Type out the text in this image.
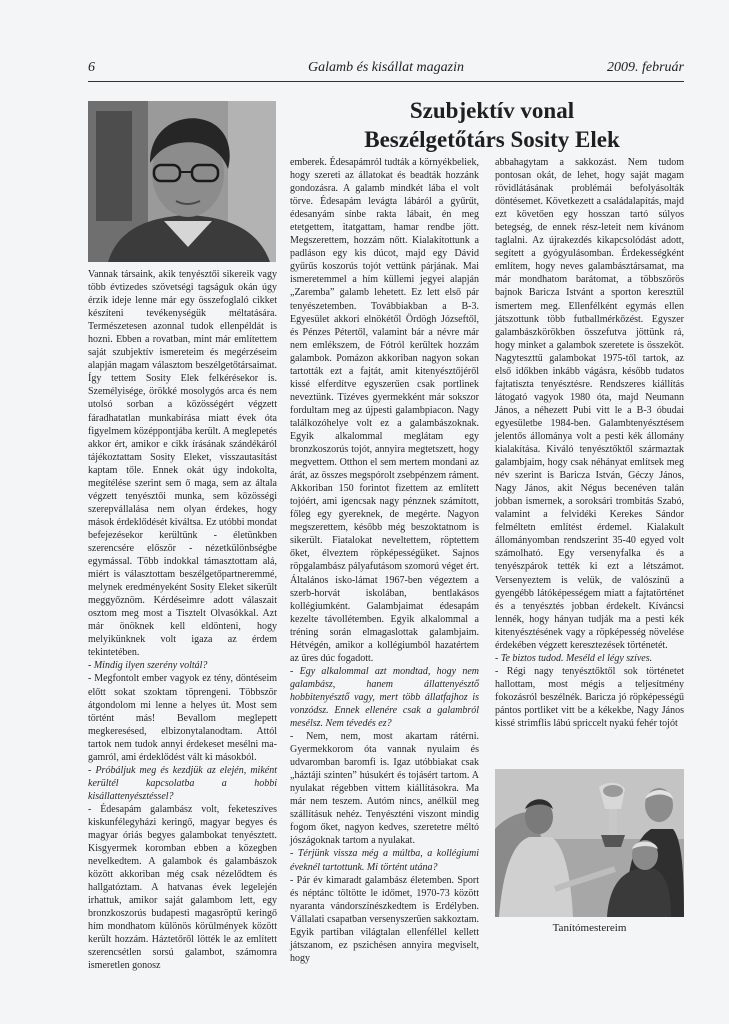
6	Galamb és kisállat magazin	2009. február
Szubjektív vonal
Beszélgetőtárs Sosity Elek

Vannak társaink, akik tenyésztői sikereik vagy több évtizedes szövetségi tagságuk okán úgy érzik ideje lenne már egy összefoglaló cikket készíteni tevékenységük méltatására. Természetesen azonnal tudok ellenpéldát is hozni. Ebben a rovatban, mint már említettem saját szubjektív ismereteim és megérzéseim alapján magam választom beszélgetőtársaimat. Így tettem Sosity Elek felkérésekor is. Személyisége, örökké mosolygós arca és nem utolsó sorban a közösségért végzett fáradhatatlan munkabírása miatt évek óta figyelmem középpontjába került. A meglepetés akkor ért, amikor e cikk írásának szándékáról tájékoztattam Sosity Eleket, visszautasítást kaptam tőle. Ennek okát úgy indokolta, megítélése szerint sem ő maga, sem az általa végzett tenyésztői munka, sem közösségi szerepvállalása nem olyan érdekes, hogy mások érdeklődését kiváltsa. Ez utóbbi mondat befejezésekor kerültünk - életünkben szerencsére először - nézetkülönbségbe egymással. Több indokkal támasztottam alá, miért is választottam beszélgetőpartneremmé, melynek eredményeként Sosity Eleket sikerült meggyőznöm. Kérdéseimre adott válaszait osztom meg most a Tisztelt Olvasókkal. Azt már önöknek kell eldönteni, hogy melyikünknek volt igaza az érdem tekintetében.

- Mindig ilyen szerény voltál?

- Megfontolt ember vagyok ez tény, döntéseim előtt sokat szoktam töprengeni. Többször átgondolom mi lenne a helyes út. Most sem történt más! Bevallom meglepett megkeresésed, elbizonytalanodtam. Attól tartok nem tudok annyi érdekeset mesélni ma-gamról, ami érdeklődést vált ki másokból.

- Próbáljuk meg és kezdjük az elején, miként kerültél kapcsolatba a hobbi kisállattenyésztéssel?

- Édesapám galambász volt, feketeszíves kiskunfélegyházi keringő, magyar begyes és magyar óriás begyes galambokat tenyésztett. Kisgyermek koromban ebben a közegben nevelkedtem. A galambok és galambászok között akkoriban még csak nézelődtem és hallgatóztam. A hatvanas évek legelején irhattuk, amikor saját galambom lett, egy bronzkoszorús budapesti magasröptű keringő hím mondhatom különös körülmények között került hozzám. Háztetőről lötték le az említett szerencsétlen sorsú galambot, számomra ismeretlen gonosz

emberek. Édesapámról tudták a környékbeliek, hogy szereti az állatokat és beadták hozzánk gondozásra. A galamb mindkét lába el volt törve. Édesapám levágta lábáról a gyűrűt, édesanyám sínbe rakta lábait, én meg etetgettem, itatgattam, hamar rendbe jött. Megszerettem, hozzám nőtt. Kialakítottunk a padláson egy kis dúcot, majd egy Dávid gyűrűs koszorús tojót vettünk párjának. Mai ismeretemmel a hím küllemi jegyei alapján „Zaremba” galamb lehetett. Ez lett első pár tenyészetemben. Továbbiakban a B-3. Egyesület akkori elnökétől Ördögh Józseftől, és Pénzes Pétertől, valamint bár a névre már nem emlékszem, de Fótról kerültek hozzám galambok. Pomázon akkoriban nagyon sokan tartották ezt a fajtát, amit kitenyésztőjéről kissé elferdítve egyszerűen csak portlinek neveztünk. Tízéves gyermekként már sokszor fordultam meg az újpesti galambpiacon. Nagy találkozóhelye volt ez a galambászoknak. Egyik alkalommal meglátam egy bronzkoszorús tojót, annyira megtetszett, hogy megvettem. Otthon el sem mertem mondani az árát, az összes megspórolt zsebpénzem ráment. Akkoriban 150 forintot fizettem az említett tojóért, ami igencsak nagy pénznek számított, főleg egy gyereknek, de megérte. Nagyon megszerettem, később még beszoktatnom is sikerült. Fiatalokat neveltettem, röptettem őket, élveztem röpképességüket. Sajnos röpgalambász pályafutásom szomorú véget ért. Általános isko-lámat 1967-ben végeztem a szerb-horvát iskolában, bentlakásos kollégiumként. Galambjaimat édesapám kezelte távollétemben. Egyik alkalommal a tréning során elmagaslottak galambjaim. Hétvégén, amikor a kollégiumból hazatértem az üres dúc fogadott.

- Egy alkalommal azt mondtad, hogy nem galambász, hanem állattenyésztő hobbitenyésztő vagy, mert több állatfajhoz is vonzódsz. Ennek ellenére csak a galambról mesélsz. Nem tévedés ez?

- Nem, nem, most akartam rátérni. Gyermekkorom óta vannak nyulaim és udvaromban baromfi is. Igaz utóbbiakat csak „háztáji szinten” húsukért és tojásért tartom. A nyulakat régebben vittem kiállításokra. Ma már nem teszem. Autóm nincs, anélkül meg szállításuk nehéz. Tenyészténi viszont mindig fogom őket, nagyon kedves, szeretetre méltó jószágoknak tartom a nyulakat.

- Térjünk vissza még a múltba, a kollégiumi éveknél tartottunk. Mi történt utána?

- Pár év kimaradt galambász életemben. Sport és néptánc töltötte le időmet, 1970-73 között nyaranta vándorszínészkedtem is Erdélyben. Vállalati csapatban versenyszerűen sakkoztam. Egyik partiban világtalan ellenféllel kellett játszanom, ez pszichésen annyira megviselt, hogy

abbahagytam a sakkozást. Nem tudom pontosan okát, de lehet, hogy saját magam rövidlátásának problémái befolyásolták döntésemet. Következett a családalapítás, majd ezt követően egy hosszan tartó súlyos betegség, de ennek rész-leteit nem kívánom taglalni. Az újrakezdés kikapcsolódást adott, segített a gyógyulásomban. Érdekességként említem, hogy neves galambásztársamat, ma már mondhatom barátomat, a többszörös bajnok Baricza Istvánt a sporton keresztül ismertem meg. Ellenfélként egymás ellen játszottunk több futballmérkőzést. Egyszer galambászkörökben összefutva jöttünk rá, hogy minket a galambok szeretete is összeköt. Nagyteszttű galambokat 1975-től tartok, az első időkben inkább vágásra, később tudatos fajtatiszta tenyésztésre. Rendszeres kiállítás látogató vagyok 1980 óta, majd Neumann János, a néhezett Pubi vitt le a B-3 óbudai egyesületbe 1984-ben. Galambtenyésztésem jelentős állománya volt a pesti kék állomány kialakítása. Kiváló tenyésztőktől származtak galambjaim, hogy csak néhányat említsek meg név szerint is Baricza István, Géczy János, Nagy János, akit Négus becenéven talán jobban ismernek, a soroksári trombitás Szabó, valamint a felvidéki Kerekes Sándor felméltetn említést érdemel. Kialakult állományomban rendszerint 35-40 egyed volt számolható. Egy versenyfalka és a tenyészpárok tették ki ezt a létszámot. Versenyeztem is velük, de valószínű a gyengébb látóképességem miatt a fajtatörténet és a tenyésztés jobban érdekelt. Kíváncsi lennék, hogy hányan tudják ma a pesti kék kitenyésztésének vagy a röpképesség növelése érdekében végzett keresztezések történetét.

- Te biztos tudod. Meséld el légy szíves.

- Régi nagy tenyésztőktől sok történetet hallottam, most mégis a teljesítmény fokozásról beszélnék. Baricza jó röpképességű pántos portliket vitt be a kékekbe, Nagy János kissé strimflis lábú spriccelt nyakú fehér tojót

Tanítómestereim
